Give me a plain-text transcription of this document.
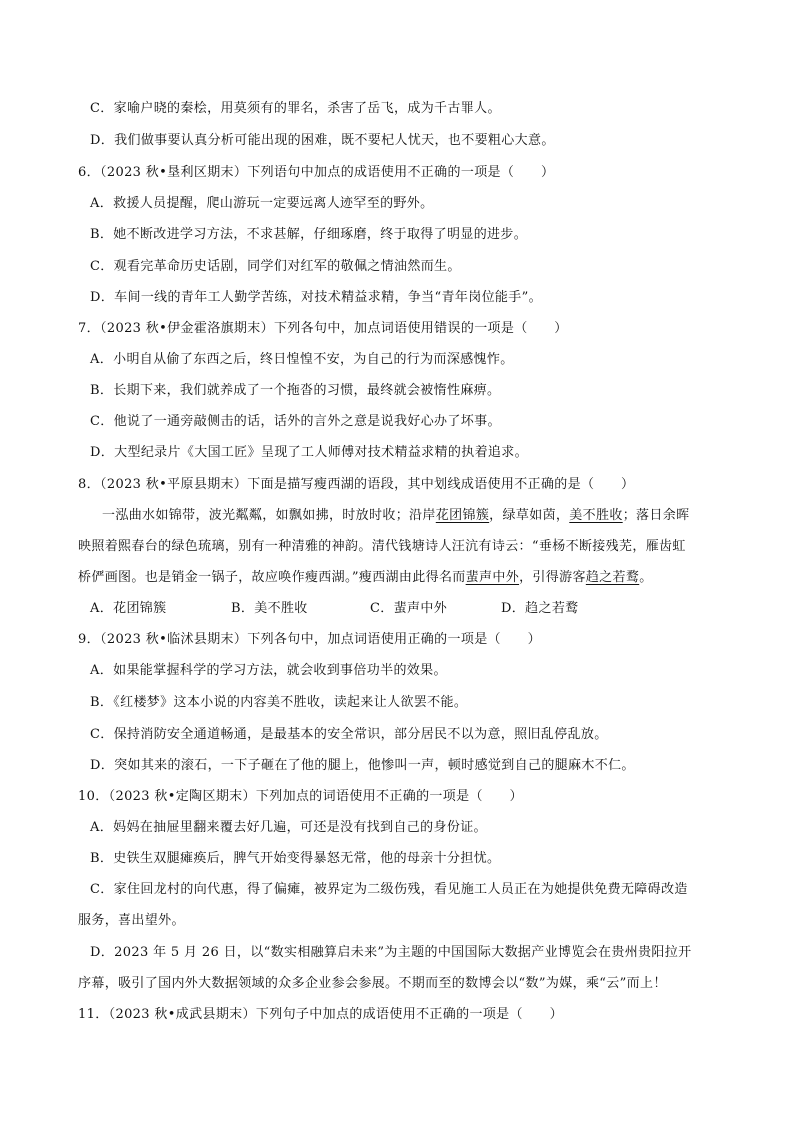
C．家喻户晓的秦桧，用莫须有的罪名，杀害了岳飞，成为千古罪人。
D．我们做事要认真分析可能出现的困难，既不要杞人忧天，也不要粗心大意。
6．（2023 秋•垦利区期末）下列语句中加点的成语使用不正确的一项是（　　）
A．救援人员提醒，爬山游玩一定要远离人迹罕至的野外。
B．她不断改进学习方法，不求甚解，仔细琢磨，终于取得了明显的进步。
C．观看完革命历史话剧，同学们对红军的敬佩之情油然而生。
D．车间一线的青年工人勤学苦练，对技术精益求精，争当“青年岗位能手”。
7．（2023 秋•伊金霍洛旗期末）下列各句中，加点词语使用错误的一项是（　　）
A．小明自从偷了东西之后，终日惶惶不安，为自己的行为而深感愧怍。
B．长期下来，我们就养成了一个拖沓的习惯，最终就会被惰性麻痹。
C．他说了一通旁敲侧击的话，话外的言外之意是说我好心办了坏事。
D．大型纪录片《大国工匠》呈现了工人师傅对技术精益求精的执着追求。
8．（2023 秋•平原县期末）下面是描写瘦西湖的语段，其中划线成语使用不正确的是（　　）
一泓曲水如锦带，波光粼粼，如飘如拂，时放时收；沿岸花团锦簇，绿草如茵，美不胜收；落日余晖
映照着熙春台的绿色琉璃，别有一种清雅的神韵。清代钱塘诗人汪沆有诗云：“垂杨不断接残芜，雁齿虹
桥俨画图。也是销金一锅子，故应唤作瘦西湖。”瘦西湖由此得名而蜚声中外，引得游客趋之若鹜。
A．花团锦簇	B．美不胜收	C．蜚声中外	D．趋之若鹜
9．（2023 秋•临沭县期末）下列各句中，加点词语使用正确的一项是（　　）
A．如果能掌握科学的学习方法，就会收到事倍功半的效果。
B．《红楼梦》这本小说的内容美不胜收，读起来让人欲罢不能。
C．保持消防安全通道畅通，是最基本的安全常识，部分居民不以为意，照旧乱停乱放。
D．突如其来的滚石，一下子砸在了他的腿上，他惨叫一声，顿时感觉到自己的腿麻木不仁。
10．（2023 秋•定陶区期末）下列加点的词语使用不正确的一项是（　　）
A．妈妈在抽屉里翻来覆去好几遍，可还是没有找到自己的身份证。
B．史铁生双腿瘫痪后，脾气开始变得暴怒无常，他的母亲十分担忧。
C．家住回龙村的向代惠，得了偏瘫，被界定为二级伤残，看见施工人员正在为她提供免费无障碍改造
服务，喜出望外。
D．2023 年 5 月 26 日，以“数实相融算启未来”为主题的中国国际大数据产业博览会在贵州贵阳拉开
序幕，吸引了国内外大数据领域的众多企业参会参展。不期而至的数博会以“数”为媒，乘“云”而上！
11．（2023 秋•成武县期末）下列句子中加点的成语使用不正确的一项是（　　）
